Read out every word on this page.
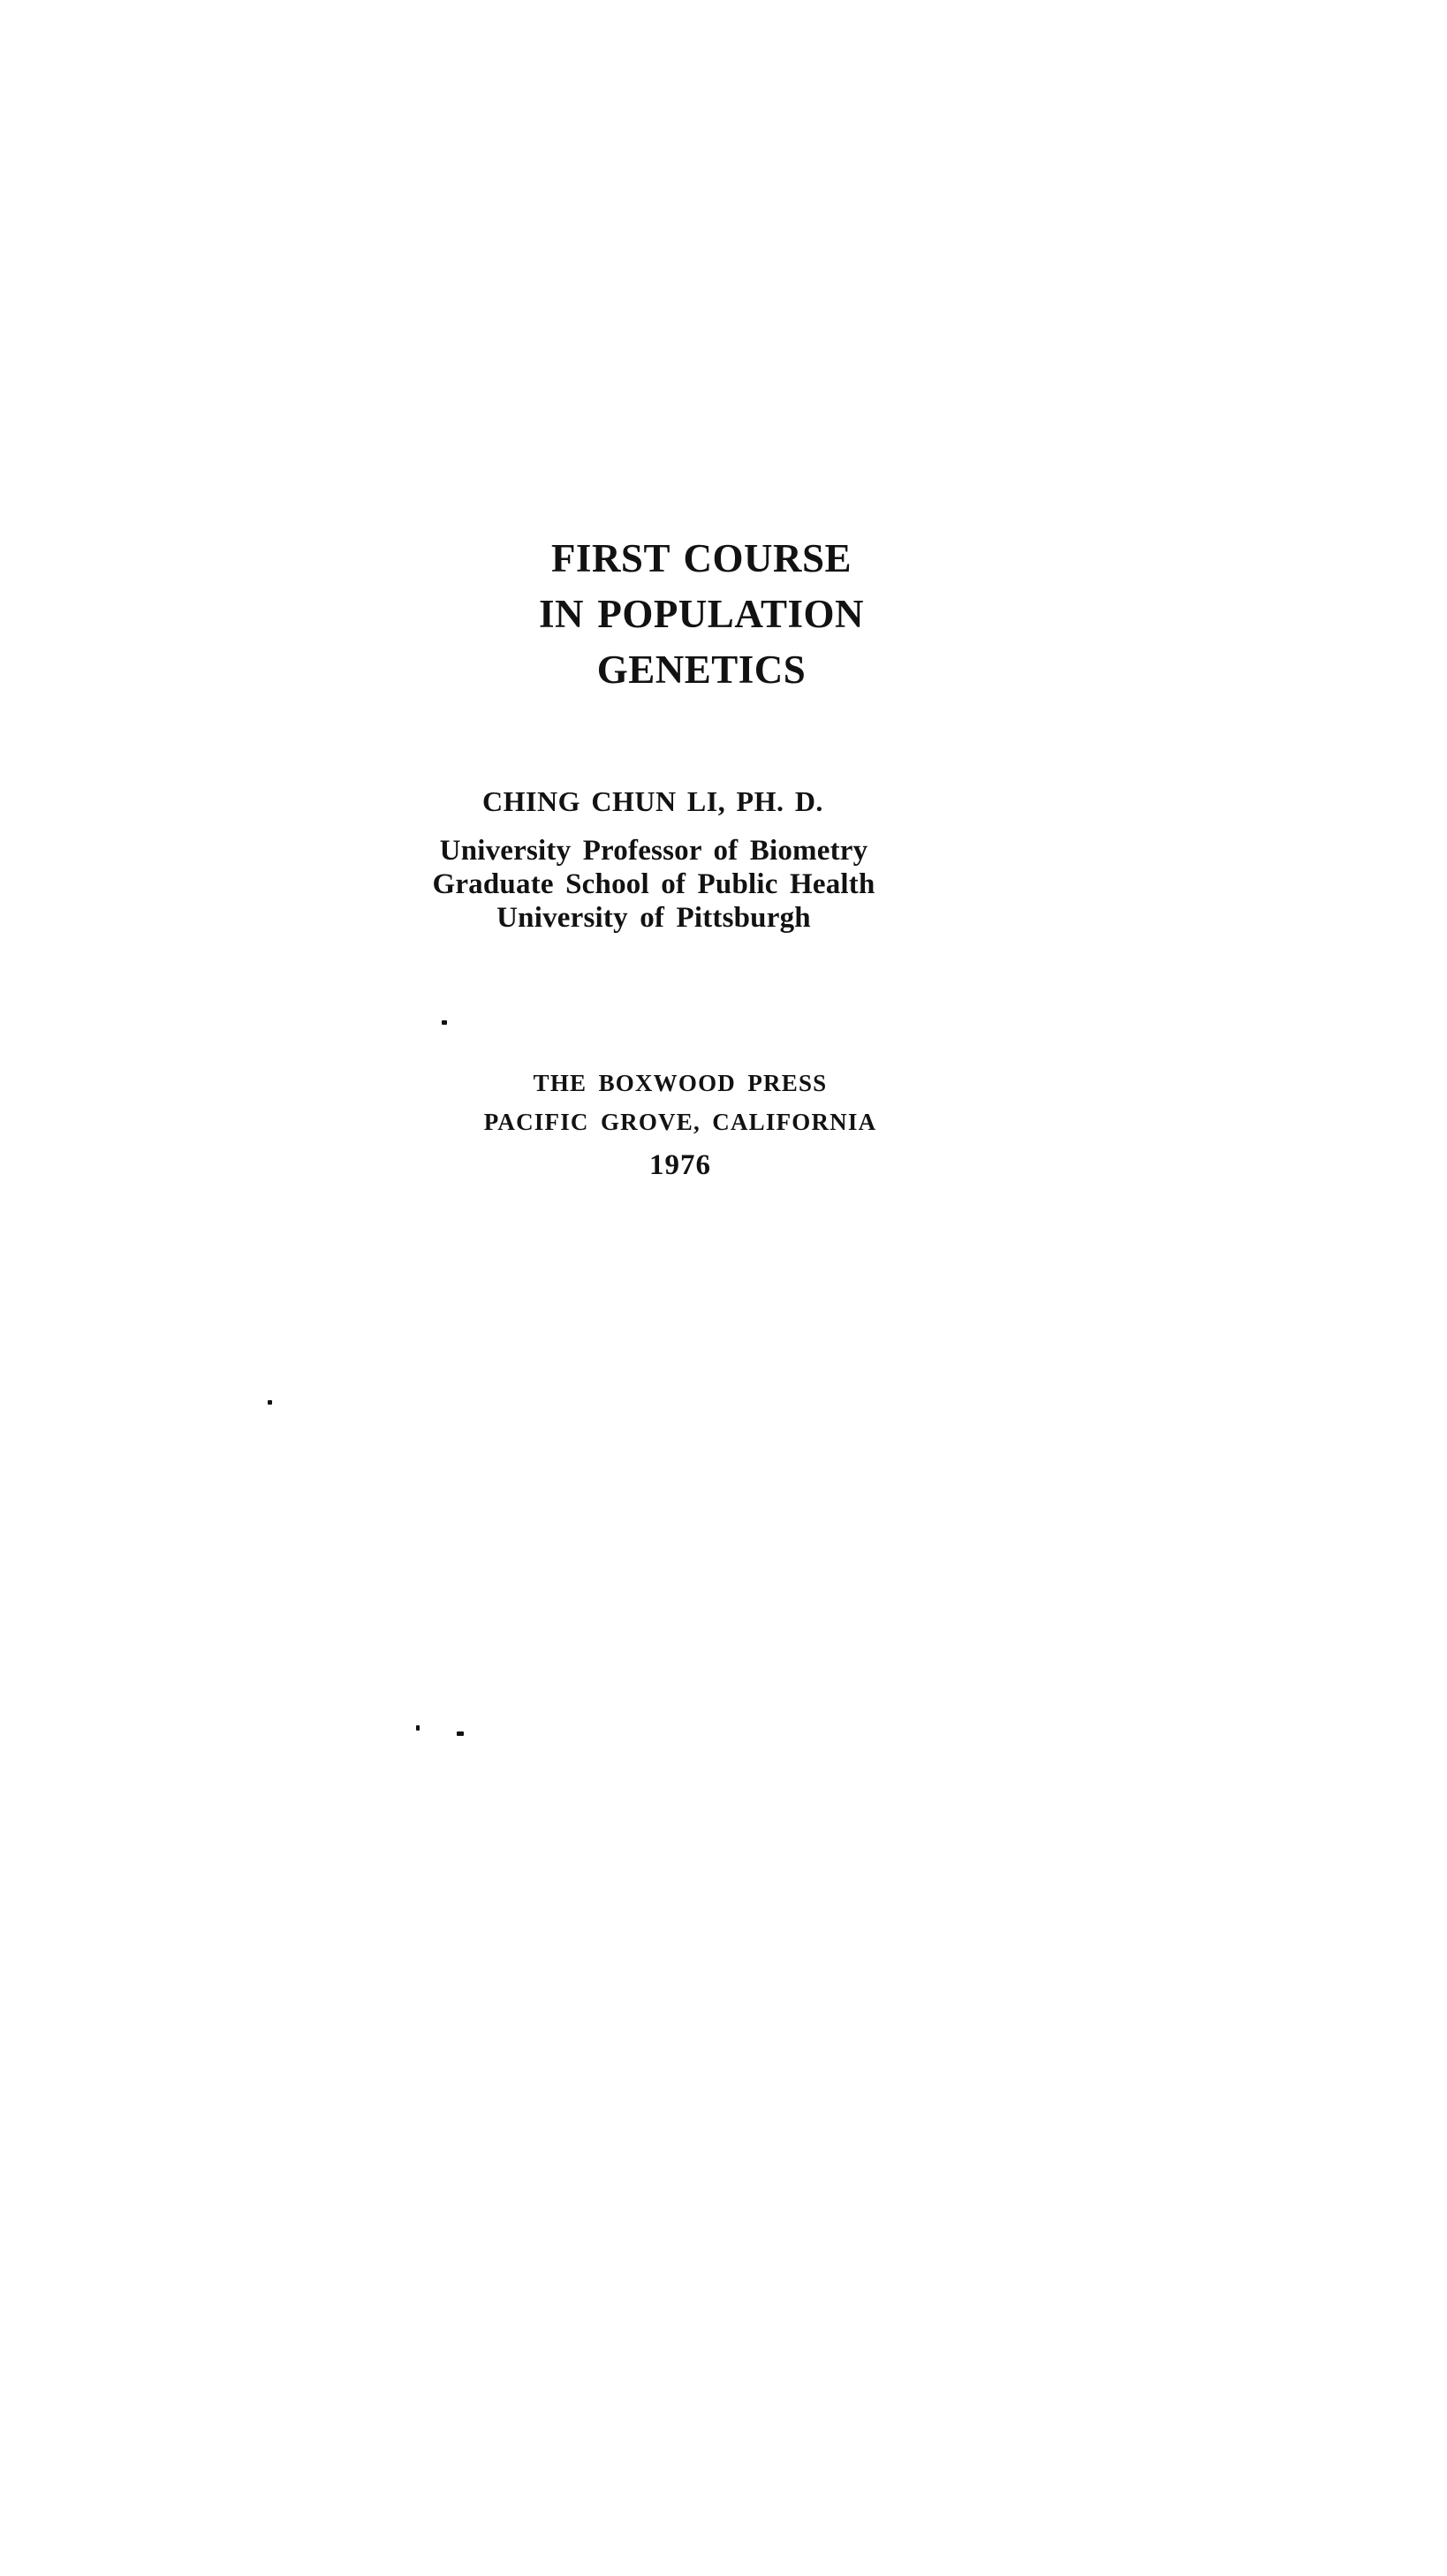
FIRST COURSE
IN POPULATION
GENETICS
CHING CHUN LI, PH. D.
University Professor of Biometry
Graduate School of Public Health
University of Pittsburgh
THE BOXWOOD PRESS
PACIFIC GROVE, CALIFORNIA
1976
